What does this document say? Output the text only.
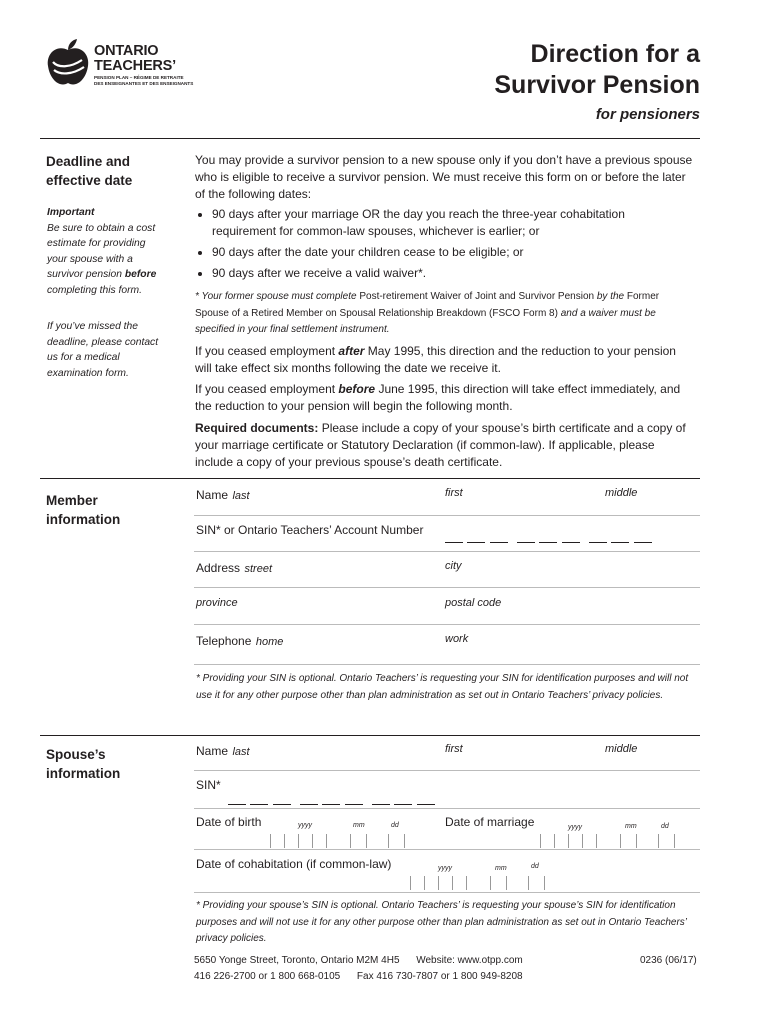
ONTARIO
TEACHERS’
PENSION PLAN – RÉGIME DE RETRAITE
DES ENSEIGNANTES ET DES ENSEIGNANTS
Direction for a
Survivor Pension
for pensioners
Deadline and
effective date
Important
Be sure to obtain a cost estimate for providing your spouse with a survivor pension before completing this form.
If you’ve missed the deadline, please contact us for a medical examination form.
You may provide a survivor pension to a new spouse only if you don’t have a previous spouse who is eligible to receive a survivor pension. We must receive this form on or before the later of the following dates:
• 90 days after your marriage OR the day you reach the three-year cohabitation requirement for common-law spouses, whichever is earlier; or
• 90 days after the date your children cease to be eligible; or
• 90 days after we receive a valid waiver*.
* Your former spouse must complete Post-retirement Waiver of Joint and Survivor Pension by the Former Spouse of a Retired Member on Spousal Relationship Breakdown (FSCO Form 8) and a waiver must be specified in your final settlement instrument.
If you ceased employment after May 1995, this direction and the reduction to your pension will take effect six months following the date we receive it.
If you ceased employment before June 1995, this direction will take effect immediately, and the reduction to your pension will begin the following month.
Required documents: Please include a copy of your spouse’s birth certificate and a copy of your marriage certificate or Statutory Declaration (if common-law). If applicable, please include a copy of your previous spouse’s death certificate.
Member
information
Name last	first	middle
SIN* or Ontario Teachers’ Account Number

Address street	city
province	postal code
Telephone home	work
* Providing your SIN is optional. Ontario Teachers’ is requesting your SIN for identification purposes and will not use it for any other purpose other than plan administration as set out in Ontario Teachers’ privacy policies.
Spouse’s
information
Name last	first	middle
SIN*

Date of birth	yyyy	mm	dd	Date of marriage	yyyy	mm	dd
Date of cohabitation (if common-law)	yyyy	mm	dd
* Providing your spouse’s SIN is optional. Ontario Teachers’ is requesting your spouse’s SIN for identification purposes and will not use it for any other purpose other than plan administration as set out in Ontario Teachers’ privacy policies.
5650 Yonge Street, Toronto, Ontario M2M 4H5 Website: www.otpp.com	0236 (06/17)
416 226-2700 or 1 800 668-0105 Fax 416 730-7807 or 1 800 949-8208
